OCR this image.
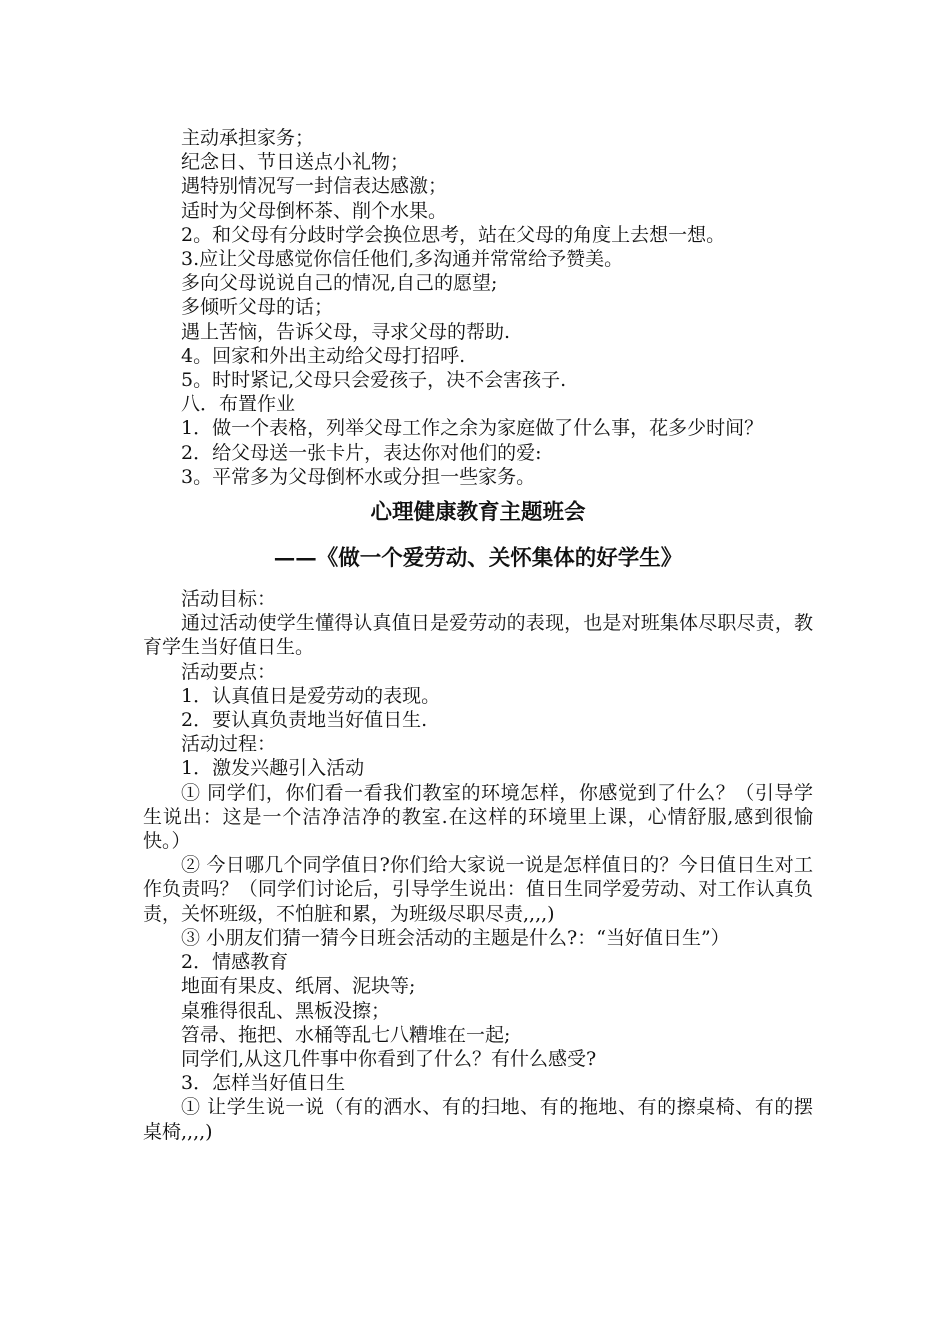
主动承担家务；

纪念日、节日送点小礼物；

遇特别情况写一封信表达感激；

适时为父母倒杯茶、削个水果。

2。和父母有分歧时学会换位思考，站在父母的角度上去想一想。

3.应让父母感觉你信任他们,多沟通并常常给予赞美。

多向父母说说自己的情况,自己的愿望;

多倾听父母的话；

遇上苦恼，告诉父母，寻求父母的帮助.

4。回家和外出主动给父母打招呼.

5。时时紧记,父母只会爱孩子，决不会害孩子.

八．布置作业

1．做一个表格，列举父母工作之余为家庭做了什么事，花多少时间？

2．给父母送一张卡片，表达你对他们的爱:

3。平常多为父母倒杯水或分担一些家务。

心理健康教育主题班会
——《做一个爱劳动、关怀集体的好学生》

活动目标：

通过活动使学生懂得认真值日是爱劳动的表现，也是对班集体尽职尽责，教育学生当好值日生。

活动要点：

1．认真值日是爱劳动的表现。

2．要认真负责地当好值日生.

活动过程：

1．激发兴趣引入活动

① 同学们，你们看一看我们教室的环境怎样，你感觉到了什么？（引导学生说出：这是一个洁净洁净的教室.在这样的环境里上课，心情舒服,感到很愉快。）

② 今日哪几个同学值日?你们给大家说一说是怎样值日的？今日值日生对工作负责吗？（同学们讨论后，引导学生说出：值日生同学爱劳动、对工作认真负责，关怀班级，不怕脏和累，为班级尽职尽责,,,,)

③ 小朋友们猜一猜今日班会活动的主题是什么?：“当好值日生”）

2．情感教育

地面有果皮、纸屑、泥块等;

桌雅得很乱、黑板没擦；

笤帚、拖把、水桶等乱七八糟堆在一起;

同学们,从这几件事中你看到了什么？有什么感受?

3．怎样当好值日生

① 让学生说一说（有的洒水、有的扫地、有的拖地、有的擦桌椅、有的摆桌椅,,,,)
